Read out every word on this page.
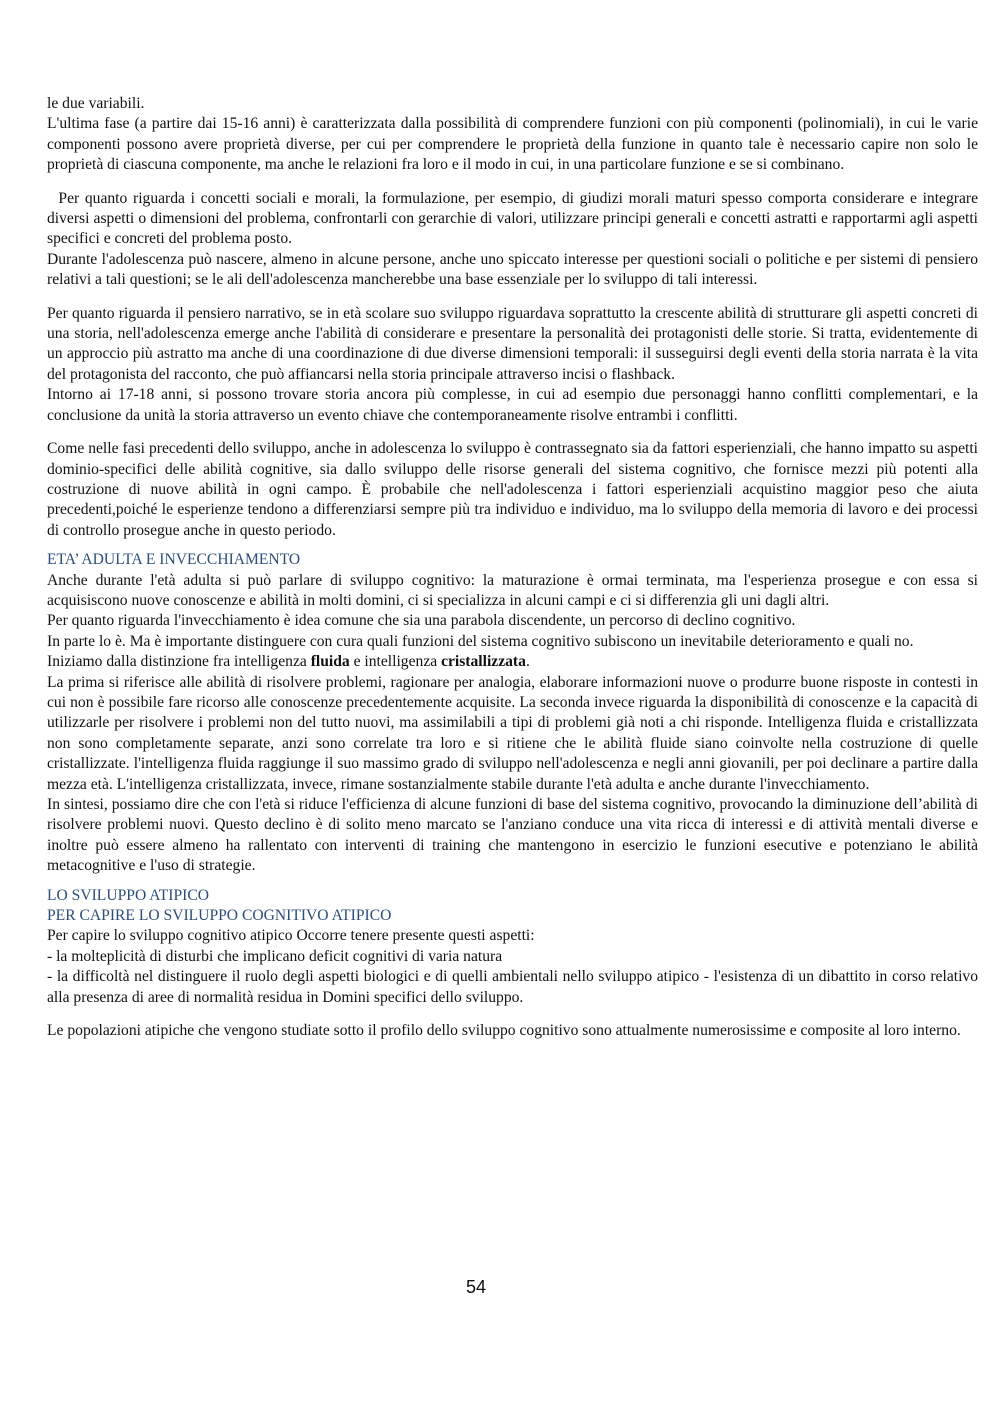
le due variabili.

L'ultima fase (a partire dai 15-16 anni) è caratterizzata dalla possibilità di comprendere funzioni con più componenti (polinomiali), in cui le varie componenti possono avere proprietà diverse, per cui per comprendere le proprietà della funzione in quanto tale è necessario capire non solo le proprietà di ciascuna componente, ma anche le relazioni fra loro e il modo in cui, in una particolare funzione e se si combinano.

Per quanto riguarda i concetti sociali e morali, la formulazione, per esempio, di giudizi morali maturi spesso comporta considerare e integrare diversi aspetti o dimensioni del problema, confrontarli con gerarchie di valori, utilizzare principi generali e concetti astratti e rapportarmi agli aspetti specifici e concreti del problema posto.

Durante l'adolescenza può nascere, almeno in alcune persone, anche uno spiccato interesse per questioni sociali o politiche e per sistemi di pensiero relativi a tali questioni; se le ali dell'adolescenza mancherebbe una base essenziale per lo sviluppo di tali interessi.

Per quanto riguarda il pensiero narrativo, se in età scolare suo sviluppo riguardava soprattutto la crescente abilità di strutturare gli aspetti concreti di una storia, nell'adolescenza emerge anche l'abilità di considerare e presentare la personalità dei protagonisti delle storie. Si tratta, evidentemente di un approccio più astratto ma anche di una coordinazione di due diverse dimensioni temporali: il susseguirsi degli eventi della storia narrata è la vita del protagonista del racconto, che può affiancarsi nella storia principale attraverso incisi o flashback.

Intorno ai 17-18 anni, si possono trovare storia ancora più complesse, in cui ad esempio due personaggi hanno conflitti complementari, e la conclusione da unità la storia attraverso un evento chiave che contemporaneamente risolve entrambi i conflitti.

Come nelle fasi precedenti dello sviluppo, anche in adolescenza lo sviluppo è contrassegnato sia da fattori esperienziali, che hanno impatto su aspetti dominio-specifici delle abilità cognitive, sia dallo sviluppo delle risorse generali del sistema cognitivo, che fornisce mezzi più potenti alla costruzione di nuove abilità in ogni campo. È probabile che nell'adolescenza i fattori esperienziali acquistino maggior peso che aiuta precedenti,poiché le esperienze tendono a differenziarsi sempre più tra individuo e individuo, ma lo sviluppo della memoria di lavoro e dei processi di controllo prosegue anche in questo periodo.

ETA’ ADULTA E INVECCHIAMENTO

Anche durante l'età adulta si può parlare di sviluppo cognitivo: la maturazione è ormai terminata, ma l'esperienza prosegue e con essa si acquisiscono nuove conoscenze e abilità in molti domini, ci si specializza in alcuni campi e ci si differenzia gli uni dagli altri.

Per quanto riguarda l'invecchiamento è idea comune che sia una parabola discendente, un percorso di declino cognitivo.

In parte lo è. Ma è importante distinguere con cura quali funzioni del sistema cognitivo subiscono un inevitabile deterioramento e quali no.

Iniziamo dalla distinzione fra intelligenza fluida e intelligenza cristallizzata.

La prima si riferisce alle abilità di risolvere problemi, ragionare per analogia, elaborare informazioni nuove o produrre buone risposte in contesti in cui non è possibile fare ricorso alle conoscenze precedentemente acquisite. La seconda invece riguarda la disponibilità di conoscenze e la capacità di utilizzarle per risolvere i problemi non del tutto nuovi, ma assimilabili a tipi di problemi già noti a chi risponde. Intelligenza fluida e cristallizzata non sono completamente separate, anzi sono correlate tra loro e si ritiene che le abilità fluide siano coinvolte nella costruzione di quelle cristallizzate. l'intelligenza fluida raggiunge il suo massimo grado di sviluppo nell'adolescenza e negli anni giovanili, per poi declinare a partire dalla mezza età. L'intelligenza cristallizzata, invece, rimane sostanzialmente stabile durante l'età adulta e anche durante l'invecchiamento.

In sintesi, possiamo dire che con l'età si riduce l'efficienza di alcune funzioni di base del sistema cognitivo, provocando la diminuzione dell’abilità di risolvere problemi nuovi. Questo declino è di solito meno marcato se l'anziano conduce una vita ricca di interessi e di attività mentali diverse e inoltre può essere almeno ha rallentato con interventi di training che mantengono in esercizio le funzioni esecutive e potenziano le abilità metacognitive e l'uso di strategie.

LO SVILUPPO ATIPICO

PER CAPIRE LO SVILUPPO COGNITIVO ATIPICO

Per capire lo sviluppo cognitivo atipico Occorre tenere presente questi aspetti:

- la molteplicità di disturbi che implicano deficit cognitivi di varia natura

- la difficoltà nel distinguere il ruolo degli aspetti biologici e di quelli ambientali nello sviluppo atipico - l'esistenza di un dibattito in corso relativo alla presenza di aree di normalità residua in Domini specifici dello sviluppo.

Le popolazioni atipiche che vengono studiate sotto il profilo dello sviluppo cognitivo sono attualmente numerosissime e composite al loro interno.

54
